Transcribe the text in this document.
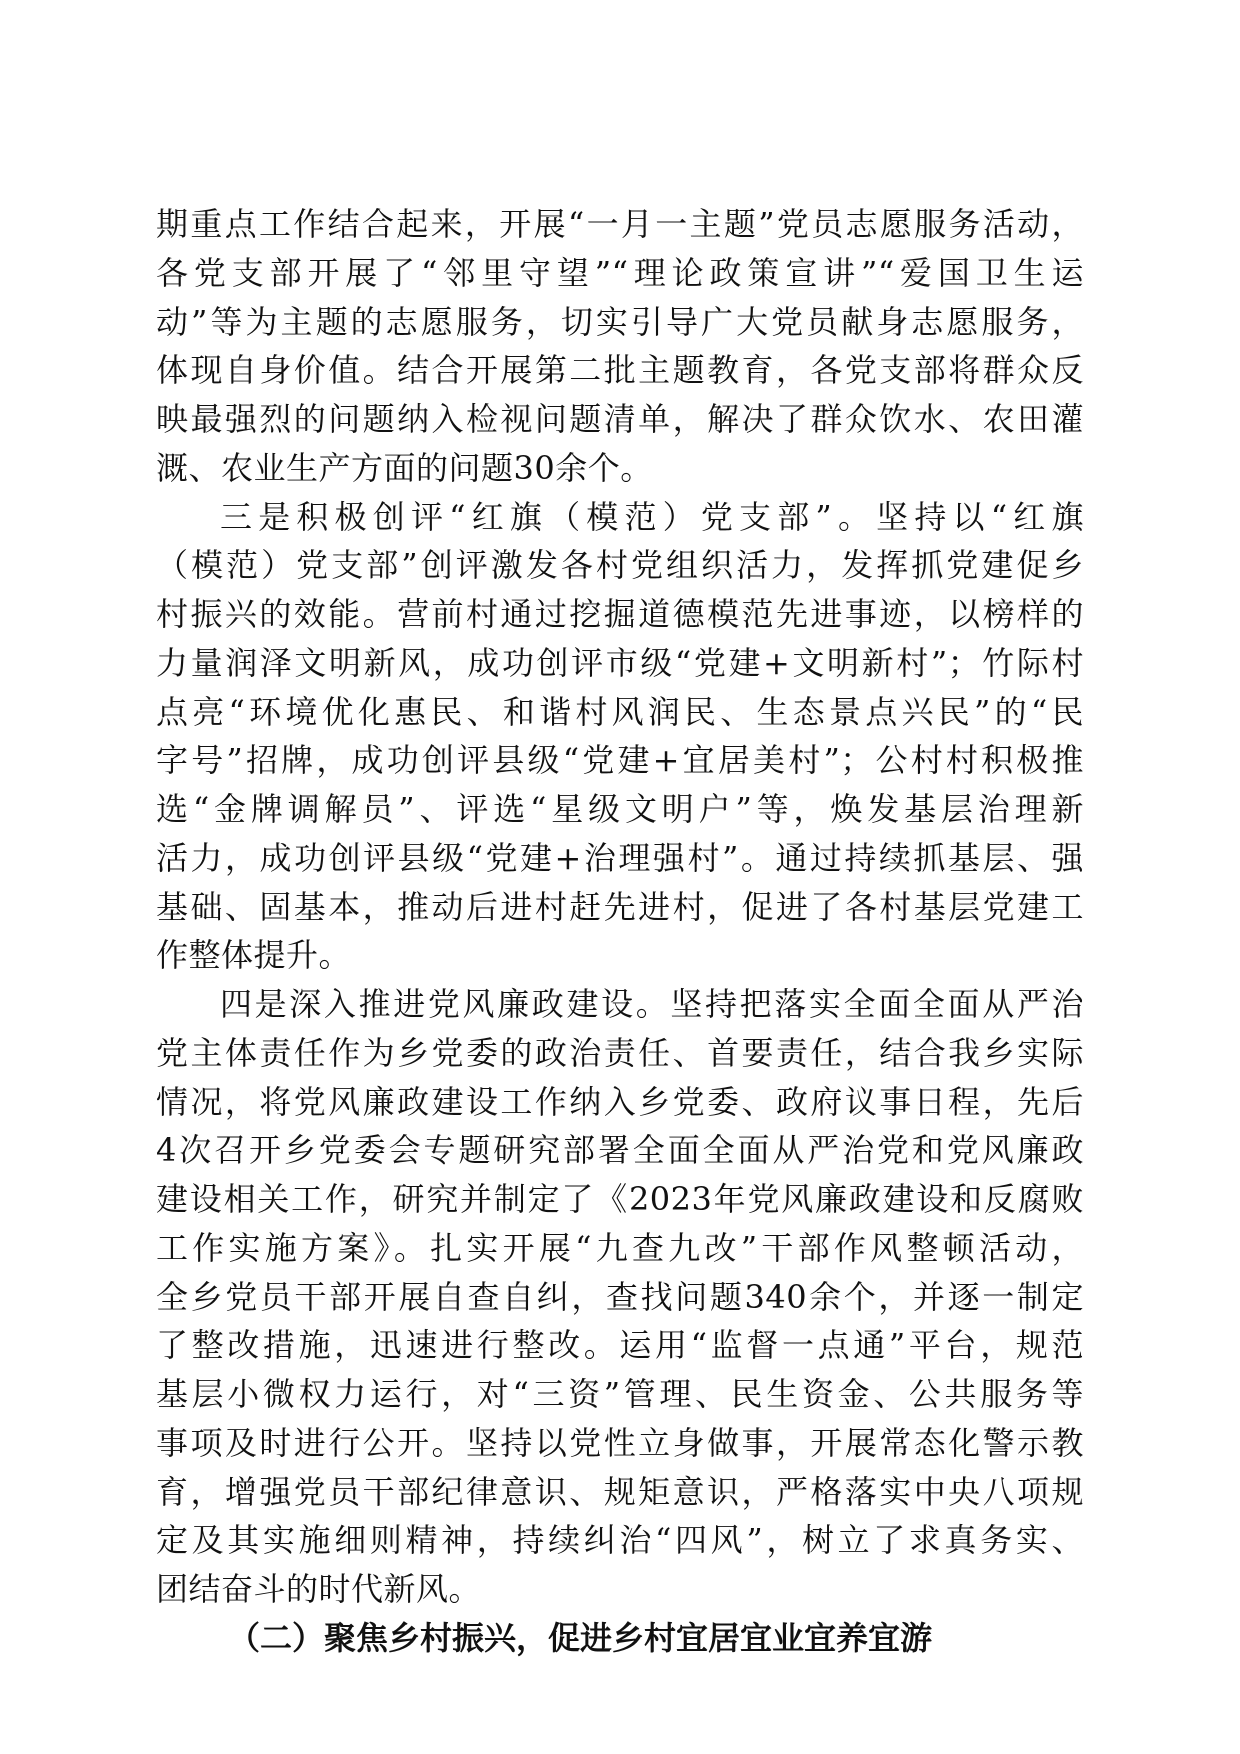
期重点工作结合起来，开展“一月一主题”党员志愿服务活动，
各党支部开展了“邻里守望”“理论政策宣讲”“爱国卫生运
动”等为主题的志愿服务，切实引导广大党员献身志愿服务，
体现自身价值。结合开展第二批主题教育，各党支部将群众反
映最强烈的问题纳入检视问题清单，解决了群众饮水、农田灌
溉、农业生产方面的问题30余个。
三是积极创评“红旗（模范）党支部”。坚持以“红旗
（模范）党支部”创评激发各村党组织活力，发挥抓党建促乡
村振兴的效能。营前村通过挖掘道德模范先进事迹，以榜样的
力量润泽文明新风，成功创评市级“党建+文明新村”；竹际村
点亮“环境优化惠民、和谐村风润民、生态景点兴民”的“民
字号”招牌，成功创评县级“党建+宜居美村”；公村村积极推
选“金牌调解员”、评选“星级文明户”等，焕发基层治理新
活力，成功创评县级“党建+治理强村”。通过持续抓基层、强
基础、固基本，推动后进村赶先进村，促进了各村基层党建工
作整体提升。
四是深入推进党风廉政建设。坚持把落实全面全面从严治
党主体责任作为乡党委的政治责任、首要责任，结合我乡实际
情况，将党风廉政建设工作纳入乡党委、政府议事日程，先后
4次召开乡党委会专题研究部署全面全面从严治党和党风廉政
建设相关工作，研究并制定了《2023年党风廉政建设和反腐败
工作实施方案》。扎实开展“九查九改”干部作风整顿活动，
全乡党员干部开展自查自纠，查找问题340余个，并逐一制定
了整改措施，迅速进行整改。运用“监督一点通”平台，规范
基层小微权力运行，对“三资”管理、民生资金、公共服务等
事项及时进行公开。坚持以党性立身做事，开展常态化警示教
育，增强党员干部纪律意识、规矩意识，严格落实中央八项规
定及其实施细则精神，持续纠治“四风”，树立了求真务实、
团结奋斗的时代新风。
（二）聚焦乡村振兴，促进乡村宜居宜业宜养宜游
